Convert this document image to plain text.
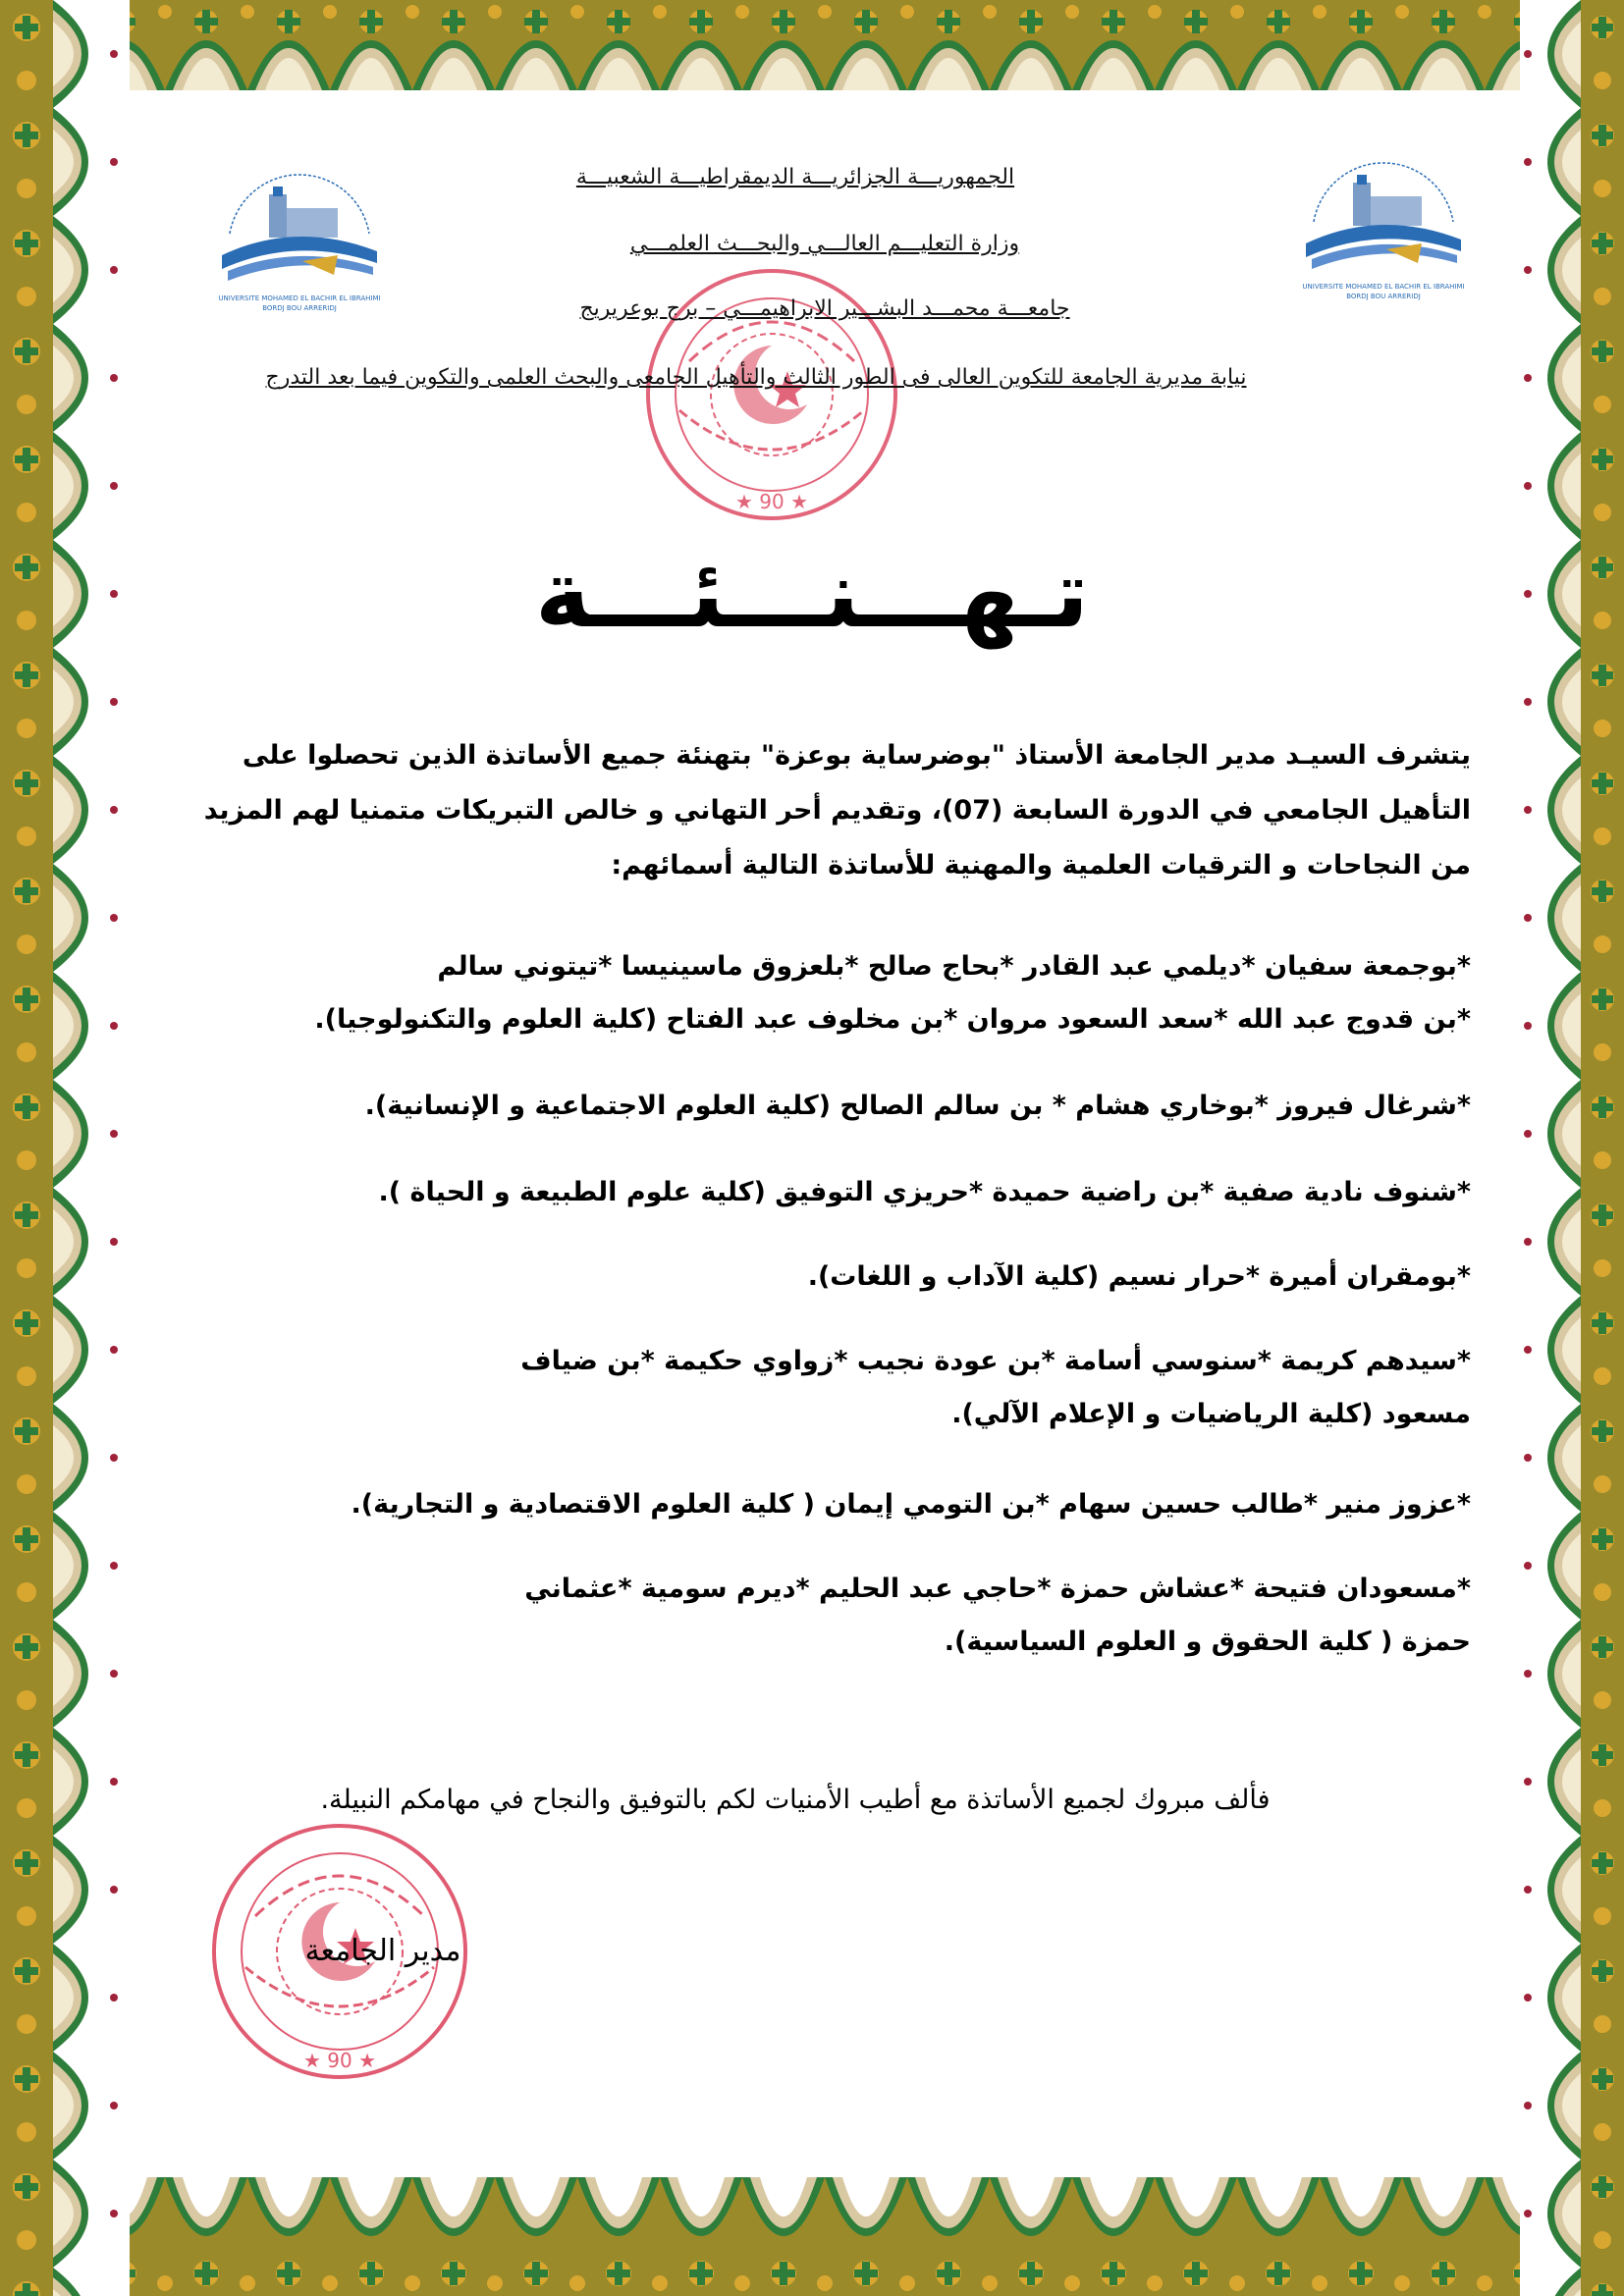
UNIVERSITE MOHAMED EL BACHIR EL IBRAHIMI
BORDJ BOU ARRERIDJ
UNIVERSITE MOHAMED EL BACHIR EL IBRAHIMI
BORDJ BOU ARRERIDJ
★ 90 ★
الجمهوريـــة الجزائريـــة الديمقراطيـــة الشعبيـــة
وزارة التعليـــم العالـــي والبحـــث العلمـــي
جامعـــة محمـــد البشـــير الابراهيمـــي – برج بوعريريج
نيابة مديرية الجامعة للتكوين العالى فى الطور الثالث والتأهيل الجامعى والبحث العلمى والتكوين فيما بعد التدرج
تـهـــنـــئـــة

يتشرف السيـد مدير الجامعة الأستاذ "بوضرساية بوعزة" بتهنئة جميع الأساتذة الذين تحصلوا على

التأهيل الجامعي في الدورة السابعة (07)، وتقديم أحر التهاني و خالص التبريكات متمنيا لهم المزيد

من النجاحات و الترقيات العلمية والمهنية للأساتذة التالية أسمائهم:

*بوجمعة سفيان *ديلمي عبد القادر *بحاج صالح *بلعزوق ماسينيسا *تيتوني سالم
*بن قدوج عبد الله *سعد السعود مروان *بن مخلوف عبد الفتاح (كلية العلوم والتكنولوجيا).
*شرغال فيروز *بوخاري هشام * بن سالم الصالح (كلية العلوم الاجتماعية و الإنسانية).
*شنوف نادية صفية *بن راضية حميدة *حريزي التوفيق (كلية علوم الطبيعة و الحياة ).
*بومقران أميرة *حرار نسيم (كلية الآداب و اللغات).
*سيدهم كريمة *سنوسي أسامة *بن عودة نجيب *زواوي حكيمة *بن ضياف
مسعود (كلية الرياضيات و الإعلام الآلي).
*عزوز منير *طالب حسين سهام *بن التومي إيمان ( كلية العلوم الاقتصادية و التجارية).
*مسعودان فتيحة *عشاش حمزة *حاجي عبد الحليم *ديرم سومية *عثماني
حمزة ( كلية الحقوق و العلوم السياسية).
فألف مبروك لجميع الأساتذة مع أطيب الأمنيات لكم بالتوفيق والنجاح في مهامكم النبيلة.
★ 90 ★
مدير الجامعة
